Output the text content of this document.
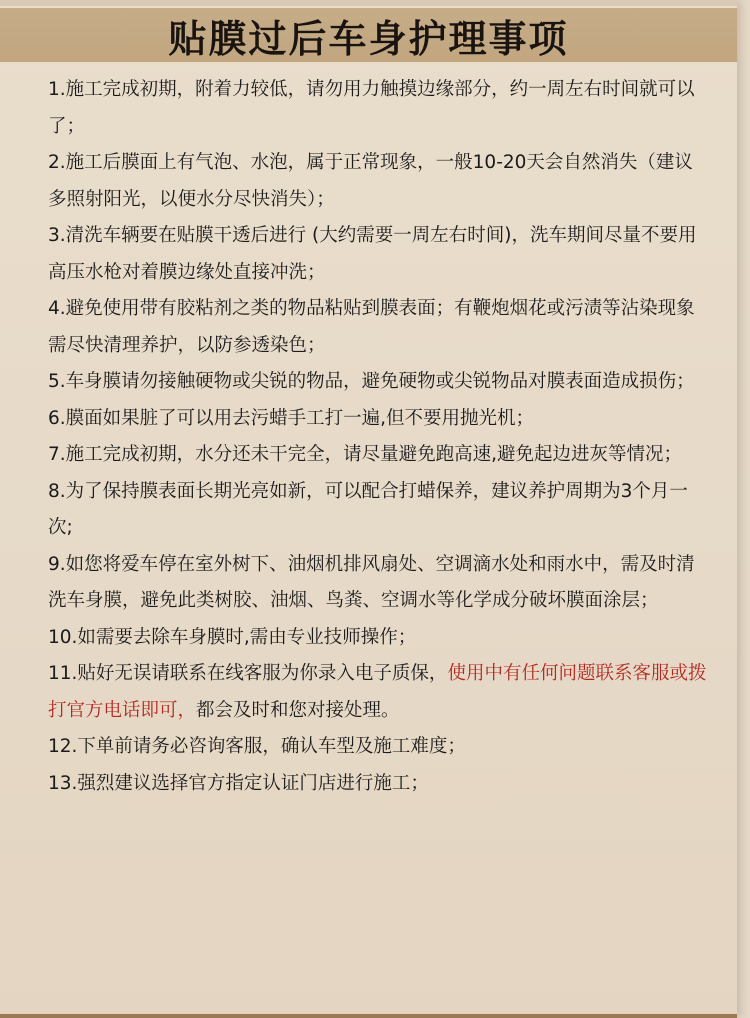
贴膜过后车身护理事项
1.施工完成初期，附着力较低，请勿用力触摸边缘部分，约一周左右时间就可以了；
2.施工后膜面上有气泡、水泡，属于正常现象，一般10-20天会自然消失（建议多照射阳光，以便水分尽快消失）；
3.清洗车辆要在贴膜干透后进行 (大约需要一周左右时间)，洗车期间尽量不要用高压水枪对着膜边缘处直接冲洗；
4.避免使用带有胶粘剂之类的物品粘贴到膜表面；有鞭炮烟花或污渍等沾染现象需尽快清理养护，以防参透染色；
5.车身膜请勿接触硬物或尖锐的物品，避免硬物或尖锐物品对膜表面造成损伤；
6.膜面如果脏了可以用去污蜡手工打一遍,但不要用抛光机；
7.施工完成初期，水分还未干完全，请尽量避免跑高速,避免起边进灰等情况；
8.为了保持膜表面长期光亮如新，可以配合打蜡保养，建议养护周期为3个月一次;
9.如您将爱车停在室外树下、油烟机排风扇处、空调滴水处和雨水中，需及时清洗车身膜，避免此类树胶、油烟、鸟粪、空调水等化学成分破坏膜面涂层；
10.如需要去除车身膜时,需由专业技师操作；
11.贴好无误请联系在线客服为你录入电子质保，使用中有任何问题联系客服或拨打官方电话即可，都会及时和您对接处理。
12.下单前请务必咨询客服，确认车型及施工难度；
13.强烈建议选择官方指定认证门店进行施工；
